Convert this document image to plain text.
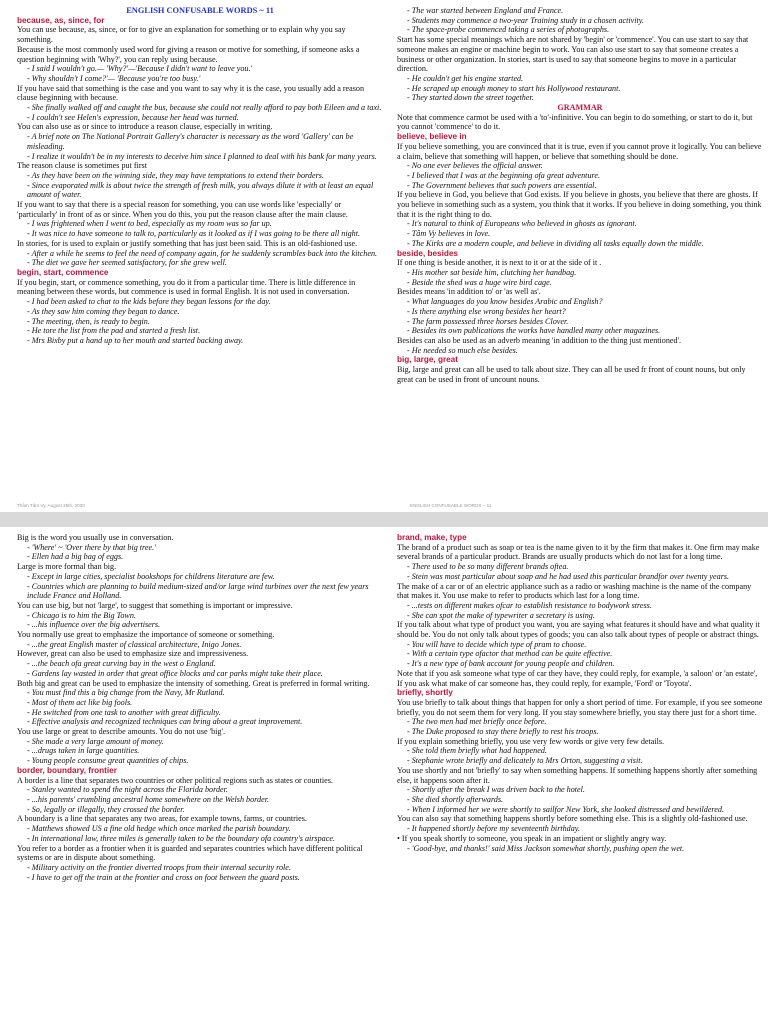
ENGLISH CONFUSABLE WORDS ~ 11
because, as, since, for
You can use because, as, since, or for to give an explanation for something or to explain why you say something.
Because is the most commonly used word for giving a reason or motive for something, if someone asks a question beginning with 'Why?', you can reply using because.
- I said I wouldn't go.— 'Why?'—'Because I didn't want to leave you.'
- Why shouldn't I come?'— 'Because you're too busy.'
If you have said that something is the case and you want to say why it is the case, you usually add a reason clause beginning with because.
- She finally walked off and caught the bus, because she could not really afford to pay both Eileen and a taxi.
- I couldn't see Helen's expression, because her head was turned.
You can also use as or since to introduce a reason clause, especially in writing.
- A brief note on The National Portrait Gallery's character is necessary as the word 'Gallery' can be misleading.
- I realize it wouldn't be in my interests to deceive him since I planned to deal with his bank for many years.
The reason clause is sometimes put first
- As they have been on the winning side, they may have temptations to extend their borders.
- Since evaporated milk is about twice the strength of fresh milk, you always dilute it with at least an equal amount of water.
If you want to say that there is a special reason for something, you can use words like 'especially' or 'particularly' in front of as or since. When you do this, you put the reason clause after the main clause.
- I was frightened when I went to bed, especially as my room was so far up.
- It was nice to have someone to talk to, particularly as it looked as if I was going to be there all night.
In stories, for is used to explain or justify something that has just been said. This is an old-fashioned use.
- After a while he seems to feel the need of company again, for he suddenly scrambles back into the kitchen.
- The diet we gave her seemed satisfactory, for she grew well.
begin, start, commence
If you begin, start, or commence something, you do it from a particular time. There is little difference in meaning between these words, but commence is used in formal English. It is not used in conversation.
- I had been asked to chat to the kids before they began lessons for the day.
- As they saw him coming they began to dance.
- The meeting, then, is ready to begin.
- He tore the list from the pad and started a fresh list.
- Mrs Bixby put a hand up to her mouth and started backing away.
- The war started between England and France.
- Students may commence a two-year Training study in a chosen activity.
- The space-probe commenced taking a series of photographs.
Start has some special meanings which are not shared by 'begin' or 'commence'. You can use start to say that someone makes an engine or machine begin to work. You can also use start to say that someone creates a business or other organization. In stories, start is used to say that someone begins to move in a particular direction.
- He couldn't get his engine started.
- He scraped up enough money to start his Hollywood restaurant.
- They started down the street together.
GRAMMAR
Note that commence carmot be used with a 'to'-infinitive. You can begin to do something, or start to do it, but you cannot 'commence' to do it.
believe, believe in
If you believe something, you are convinced that it is true, even if you cannot prove it logically. You can believe a claim, believe that something will happen, or believe that something should be done.
- No one ever believes the official answer.
- I believed that I was at the beginning ofa great adventure.
- The Government believes that such powers are essential.
If you believe in God, you believe that God exists. If you believe in ghosts, you believe that there are ghosts. If you believe in something such as a system, you think that it works. If you believe in doing something, you think that it is the right thing to do.
- It's natural to think of Europeans who believed in ghosts as ignorant.
- Tâm Vy believes in love.
- The Kirks are a modern couple, and believe in dividing all tasks equally down the middle.
beside, besides
If one thing is beside another, it is next to it or at the side of it .
- His mother sat beside him, clutching her handbag.
- Beside the shed was a huge wire bird cage.
Besides means 'in addition to' or 'as well as'.
- What languages do you know besides Arabic and English?
- Is there anything else wrong besides her heart?
- The farm possessed three horses besides Clover.
- Besides its own publications the works have handled many other magazines.
Besides can also be used as an adverb meaning 'in addition to the thing just mentioned'.
- He needed so much else besides.
big, large, great
Big, large and great can all be used to talk about size. They can all be used fr front of count nouns, but only great can be used in front of uncount nouns.
Thâm Tâm Vy, August 25th, 2020	ENGLISH CONFUSABLE WORDS – 11
Big is the word you usually use in conversation.
- 'Where' ~ 'Over there by that big tree.'
- Ellen had a big bag of eggs.
Large is more formal than big.
- Except in large cities, specialist bookshops for childrens literature are few.
- Countries which are planning to build medium-sized and/or large wind turbines over the next few years include France and Holland.
You can use big, but not 'large', to suggest that something is important or impressive.
- Chicago is to him the Big Town.
- ...his influence over the big advertisers.
You normally use great to emphasize the importance of someone or something.
- ...the great English master of classical architecture, Inigo Jones.
However, great can also be used to emphasize size and impressiveness.
- ...the beach ofa great curving bay in the west o England.
- Gardens lay wasted in order that great office blocks and car parks might take their place.
Both big and great can be used to emphasize the intensity of something. Great is preferred in formal writing.
- You must find this a big change from the Navy, Mr Rutland.
- Most of them act like big fools.
- He switched from one task to another with great difficulty.
- Effective analysis and recognized techniques can bring about a great improvement.
You use large or great to describe amounts. You do not use 'big'.
- She made a very large amount of money.
- ...drugs taken in large quantities.
- Young people consume great quantities of chips.
border, boundary, frontier
A border is a line that separates two countries or other political regions such as states or counties.
- Stanley wanted to spend the night across the Florida border.
- ...his parents' crumbling ancestral home somewhere on the Welsh border.
- So, legally or illegally, they crossed the border.
A boundary is a line that separates any two areas, for example towns, farms, or countries.
- Matthews showed US a fine old hedge which once marked the parish boundary.
- In international law, three miles is generally taken to be the boundary ofa country's airspace.
You refer to a border as a frontier when it is guarded and separates countries which have different political systems or are in dispute about something.
- Military activity on the frontier diverted troops from their internal security role.
- I have to get off the train at the frontier and cross on foot between the guard posts.
brand, make, type
The brand of a product such as soap or tea is the name given to it by the firm that makes it. One firm may make several brands of a particular product. Brands are usually products which do not last for a long time.
- There used to be so many different brands oftea.
- Stein was most particular about soap and he had used this particular brandfor over twenty years.
The make of a car or of an electric appliance such as a radio or washing machine is the name of the company that makes it. You use make to refer to products which last for a long time.
- ...tests on different makes ofcar to establish resistance to bodywork stress.
- She can spot the make of typewriter a secretary is using.
If you talk about what type of product you want, you are saying what features it should have and what quality it should be. You do not only talk about types of goods; you can also talk about types of people or abstract things.
- You will have to decide which type of pram to choose.
- With a certain type ofactor that method can be quite effective.
- It's a new type of bank account for young people and children.
Note that if you ask someone what type of car they have, they could reply, for example, 'a saloon' or 'an estate', If you ask what make of car someone has, they could reply, for example, 'Ford' or 'Toyota'.
briefly, shortly
You use briefly to talk about things that happen for only a short period of time. For example, if you see someone briefly, you do not seem them for very long. If you stay somewhere briefly, you stay there just for a short time.
- The two men had met briefly once before.
- The Duke proposed to stay there briefly to rest his troops.
If you explain something briefly, you use very few words or give very few details.
- She told them briefly what had happened.
- Stephanie wrote briefly and delicately to Mrs Orton, suggesting a visit.
You use shortly and not 'briefly' to say when something happens. If something happens shortly after something else, it happens soon after it.
- Shortly after the break I was driven back to the hotel.
- She died shortly afterwards.
- When I informed her we were shortly to sailfor New York, she looked distressed and bewildered.
You can also say that something happens shortly before something else. This is a slightly old-fashioned use.
- It happened shortly before my seventeenth birthday.
• If you speak shortly to someone, you speak in an impatient or slightly angry way.
- 'Good-bye, and thanks!' said Miss Jackson somewhat shortly, pushing open the wet.
